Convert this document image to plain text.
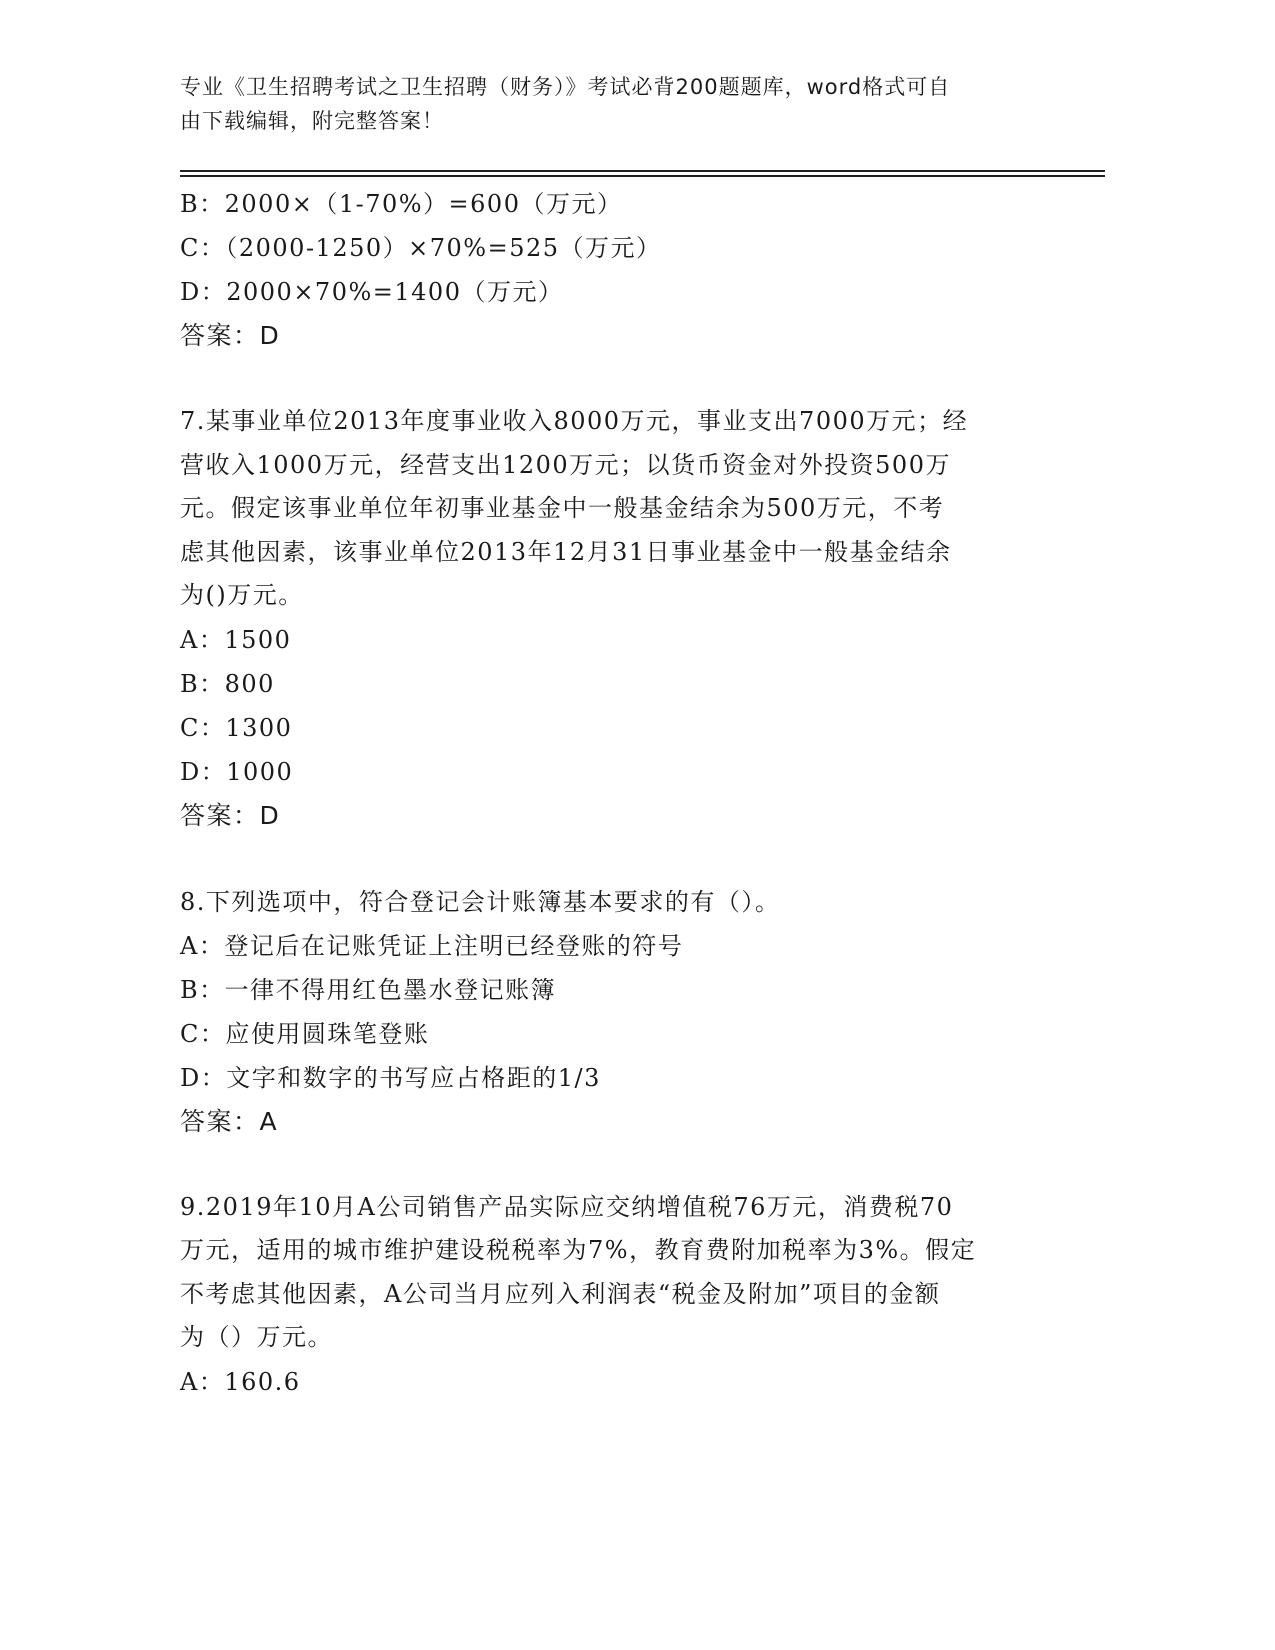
专业《卫生招聘考试之卫生招聘（财务）》考试必背200题题库，word格式可自
由下载编辑，附完整答案！
B：2000×（1-70%）=600（万元）
C：（2000-1250）×70%=525（万元）
D：2000×70%=1400（万元）
答案：D
7.某事业单位2013年度事业收入8000万元，事业支出7000万元；经
营收入1000万元，经营支出1200万元；以货币资金对外投资500万
元。假定该事业单位年初事业基金中一般基金结余为500万元，不考
虑其他因素，该事业单位2013年12月31日事业基金中一般基金结余
为()万元。
A：1500
B：800
C：1300
D：1000
答案：D
8.下列选项中，符合登记会计账簿基本要求的有（）。
A：登记后在记账凭证上注明已经登账的符号
B：一律不得用红色墨水登记账簿
C：应使用圆珠笔登账
D：文字和数字的书写应占格距的1/3
答案：A
9.2019年10月A公司销售产品实际应交纳增值税76万元，消费税70
万元，适用的城市维护建设税税率为7%，教育费附加税率为3%。假定
不考虑其他因素，A公司当月应列入利润表“税金及附加”项目的金额
为（）万元。
A：160.6
